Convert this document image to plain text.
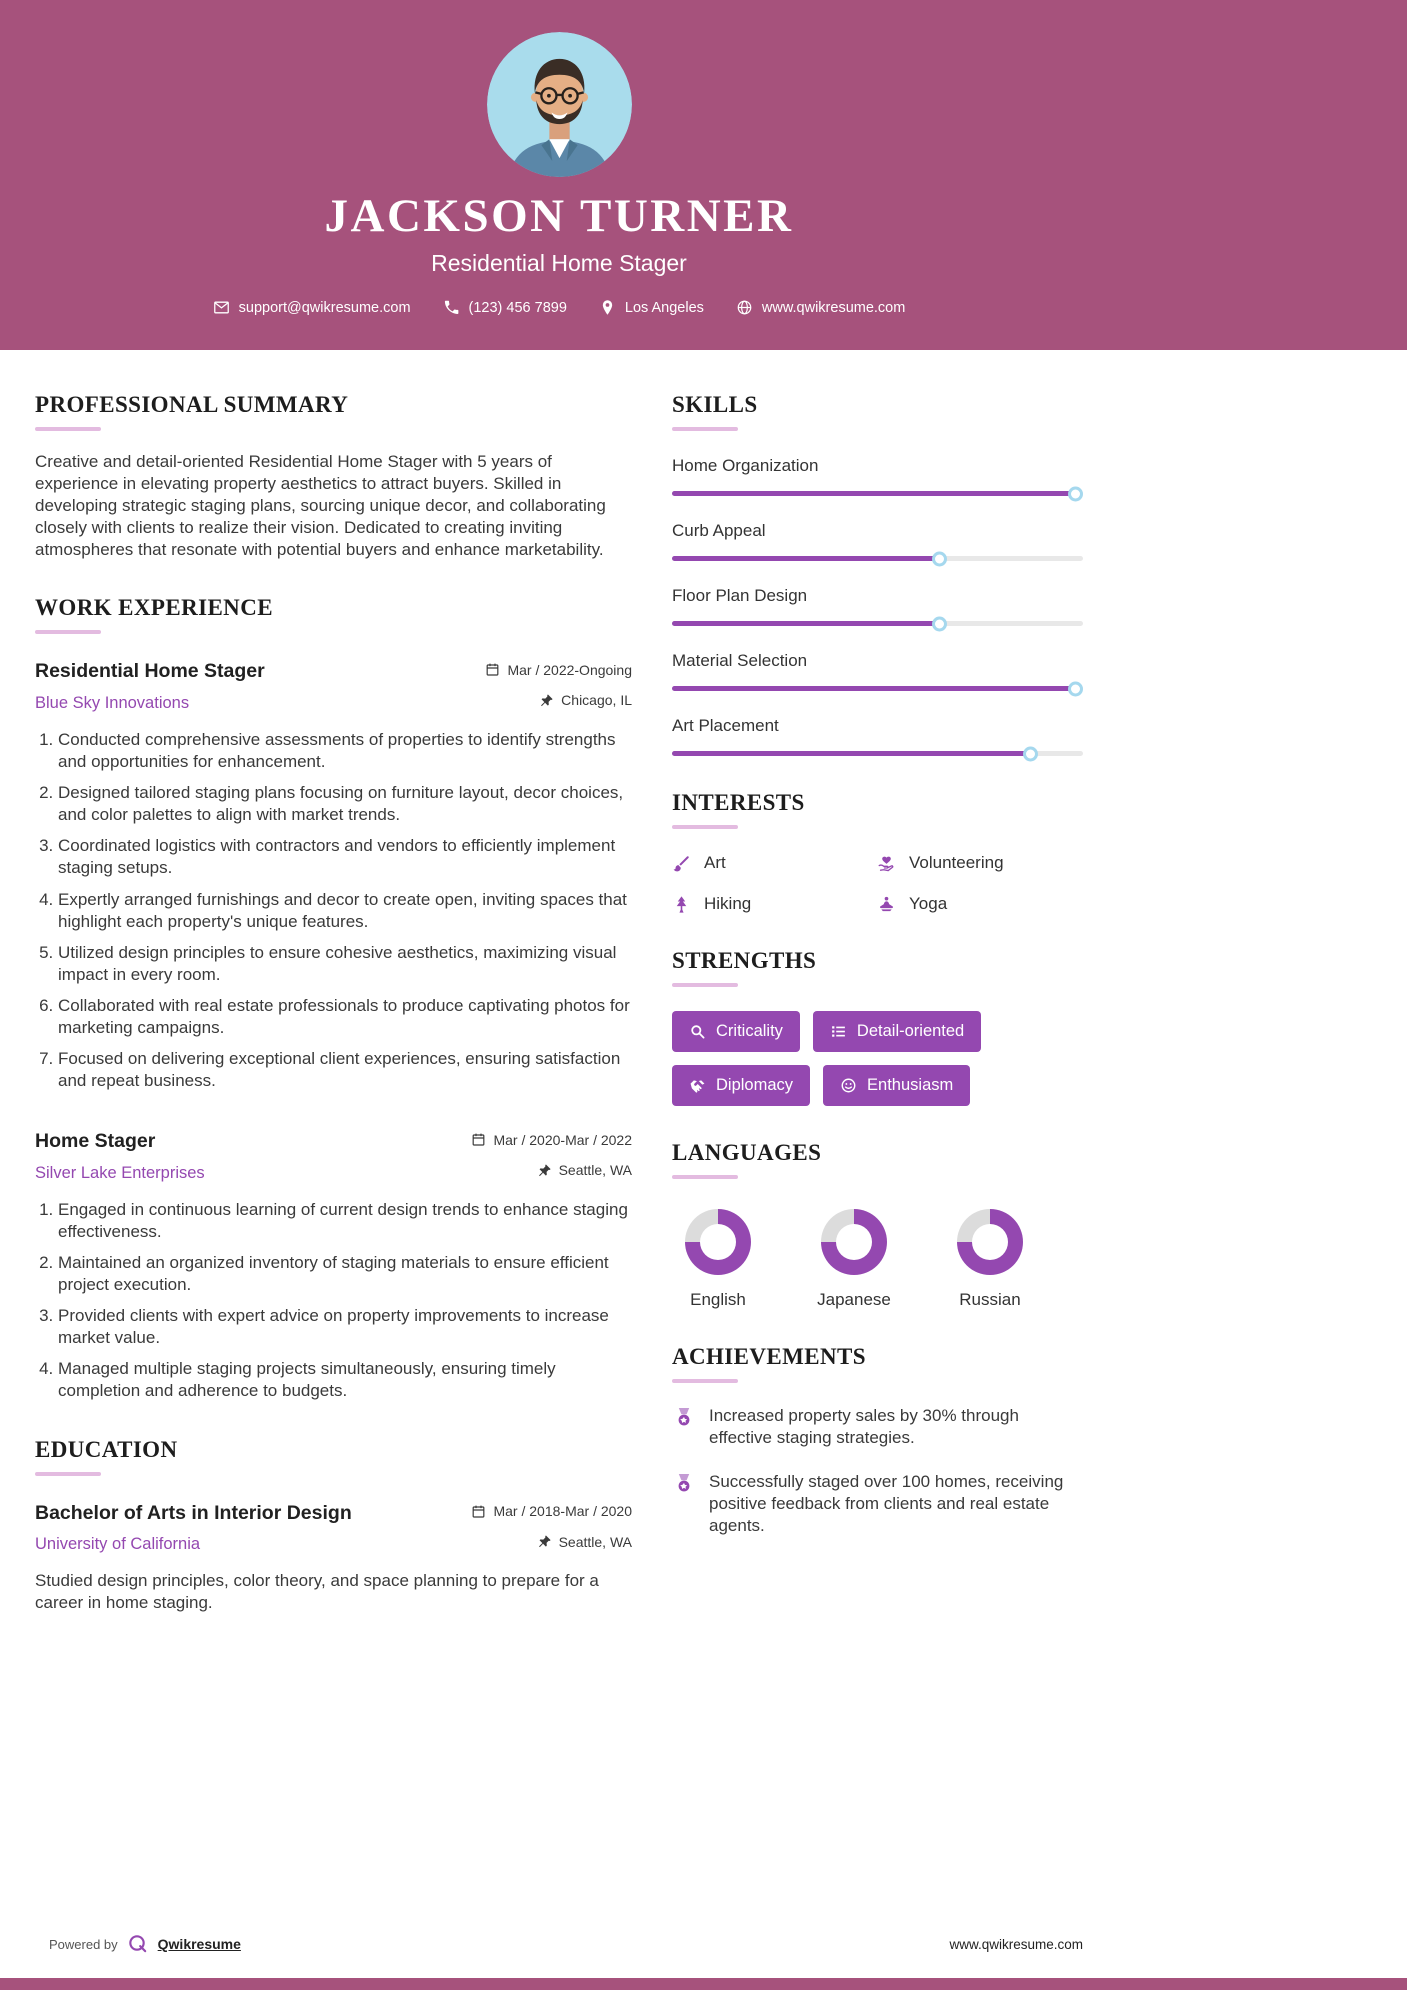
JACKSON TURNER
Residential Home Stager
support@qwikresume.com	(123) 456 7899	Los Angeles	www.qwikresume.com
PROFESSIONAL SUMMARY

Creative and detail-oriented Residential Home Stager with 5 years of experience in elevating property aesthetics to attract buyers. Skilled in developing strategic staging plans, sourcing unique decor, and collaborating closely with clients to realize their vision. Dedicated to creating inviting atmospheres that resonate with potential buyers and enhance marketability.

WORK EXPERIENCE
Residential Home Stager	Mar / 2022-Ongoing
Blue Sky Innovations	Chicago, IL
1. Conducted comprehensive assessments of properties to identify strengths and opportunities for enhancement.
2. Designed tailored staging plans focusing on furniture layout, decor choices, and color palettes to align with market trends.
3. Coordinated logistics with contractors and vendors to efficiently implement staging setups.
4. Expertly arranged furnishings and decor to create open, inviting spaces that highlight each property's unique features.
5. Utilized design principles to ensure cohesive aesthetics, maximizing visual impact in every room.
6. Collaborated with real estate professionals to produce captivating photos for marketing campaigns.
7. Focused on delivering exceptional client experiences, ensuring satisfaction and repeat business.
Home Stager	Mar / 2020-Mar / 2022
Silver Lake Enterprises	Seattle, WA
1. Engaged in continuous learning of current design trends to enhance staging effectiveness.
2. Maintained an organized inventory of staging materials to ensure efficient project execution.
3. Provided clients with expert advice on property improvements to increase market value.
4. Managed multiple staging projects simultaneously, ensuring timely completion and adherence to budgets.
EDUCATION
Bachelor of Arts in Interior Design	Mar / 2018-Mar / 2020
University of California	Seattle, WA

Studied design principles, color theory, and space planning to prepare for a career in home staging.

SKILLS
Home Organization
Curb Appeal
Floor Plan Design
Material Selection
Art Placement
INTERESTS
Art	Volunteering
Hiking	Yoga
STRENGTHS
Criticality	Detail-oriented
Diplomacy	Enthusiasm
LANGUAGES
English	Japanese	Russian
ACHIEVEMENTS

Increased property sales by 30% through effective staging strategies.

Successfully staged over 100 homes, receiving positive feedback from clients and real estate agents.

Powered by	Qwikresume	www.qwikresume.com
